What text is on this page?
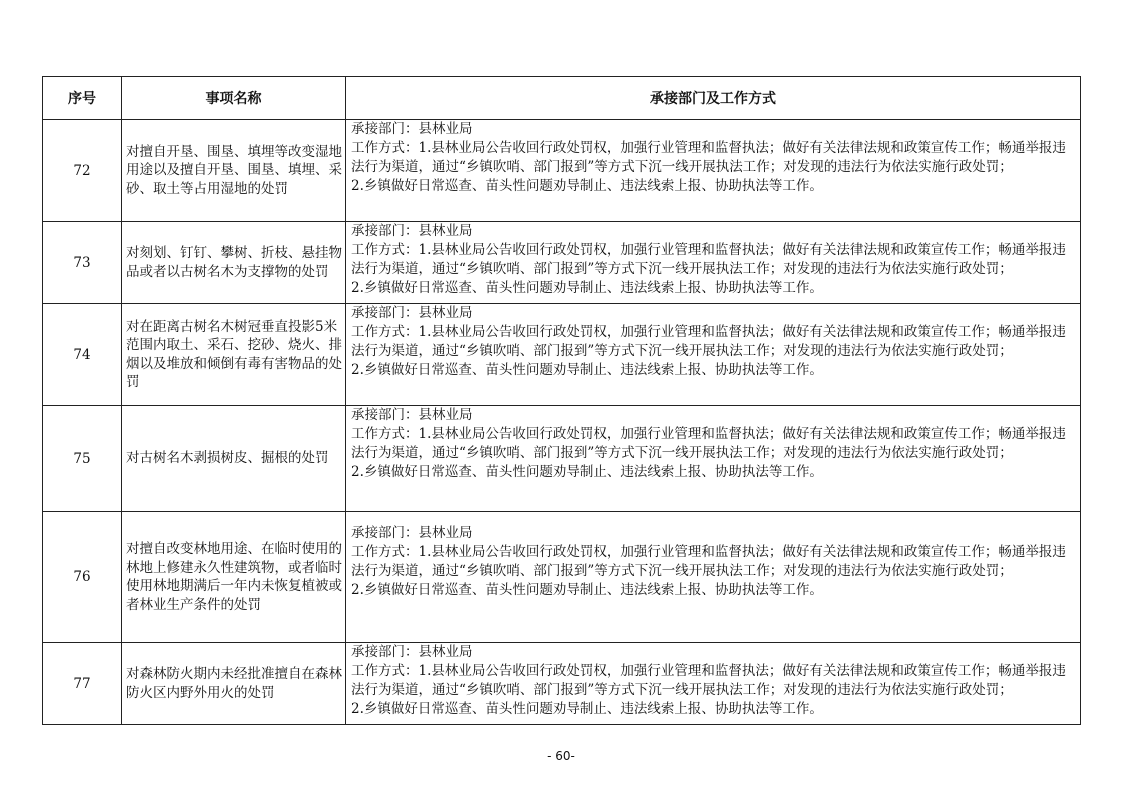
序号	事项名称	承接部门及工作方式
72	对擅自开垦、围垦、填埋等改变湿地用途以及擅自开垦、围垦、填埋、采砂、取土等占用湿地的处罚	承接部门：县林业局
工作方式：1.县林业局公告收回行政处罚权，加强行业管理和监督执法；做好有关法律法规和政策宣传工作；畅通举报违法行为渠道，通过“乡镇吹哨、部门报到”等方式下沉一线开展执法工作；对发现的违法行为依法实施行政处罚；
2.乡镇做好日常巡查、苗头性问题劝导制止、违法线索上报、协助执法等工作。

73	对刻划、钉钉、攀树、折枝、悬挂物品或者以古树名木为支撑物的处罚	承接部门：县林业局
工作方式：1.县林业局公告收回行政处罚权，加强行业管理和监督执法；做好有关法律法规和政策宣传工作；畅通举报违法行为渠道，通过“乡镇吹哨、部门报到”等方式下沉一线开展执法工作；对发现的违法行为依法实施行政处罚；
2.乡镇做好日常巡查、苗头性问题劝导制止、违法线索上报、协助执法等工作。

74	对在距离古树名木树冠垂直投影5米范围内取土、采石、挖砂、烧火、排烟以及堆放和倾倒有毒有害物品的处罚	承接部门：县林业局
工作方式：1.县林业局公告收回行政处罚权，加强行业管理和监督执法；做好有关法律法规和政策宣传工作；畅通举报违法行为渠道，通过“乡镇吹哨、部门报到”等方式下沉一线开展执法工作；对发现的违法行为依法实施行政处罚；
2.乡镇做好日常巡查、苗头性问题劝导制止、违法线索上报、协助执法等工作。

75	对古树名木剥损树皮、掘根的处罚	承接部门：县林业局
工作方式：1.县林业局公告收回行政处罚权，加强行业管理和监督执法；做好有关法律法规和政策宣传工作；畅通举报违法行为渠道，通过“乡镇吹哨、部门报到”等方式下沉一线开展执法工作；对发现的违法行为依法实施行政处罚；
2.乡镇做好日常巡查、苗头性问题劝导制止、违法线索上报、协助执法等工作。

76	对擅自改变林地用途、在临时使用的林地上修建永久性建筑物，或者临时使用林地期满后一年内未恢复植被或者林业生产条件的处罚	承接部门：县林业局
工作方式：1.县林业局公告收回行政处罚权，加强行业管理和监督执法；做好有关法律法规和政策宣传工作；畅通举报违法行为渠道，通过“乡镇吹哨、部门报到”等方式下沉一线开展执法工作；对发现的违法行为依法实施行政处罚；
2.乡镇做好日常巡查、苗头性问题劝导制止、违法线索上报、协助执法等工作。

77	对森林防火期内未经批准擅自在森林防火区内野外用火的处罚	承接部门：县林业局
工作方式：1.县林业局公告收回行政处罚权，加强行业管理和监督执法；做好有关法律法规和政策宣传工作；畅通举报违法行为渠道，通过“乡镇吹哨、部门报到”等方式下沉一线开展执法工作；对发现的违法行为依法实施行政处罚；
2.乡镇做好日常巡查、苗头性问题劝导制止、违法线索上报、协助执法等工作。
- 60-
